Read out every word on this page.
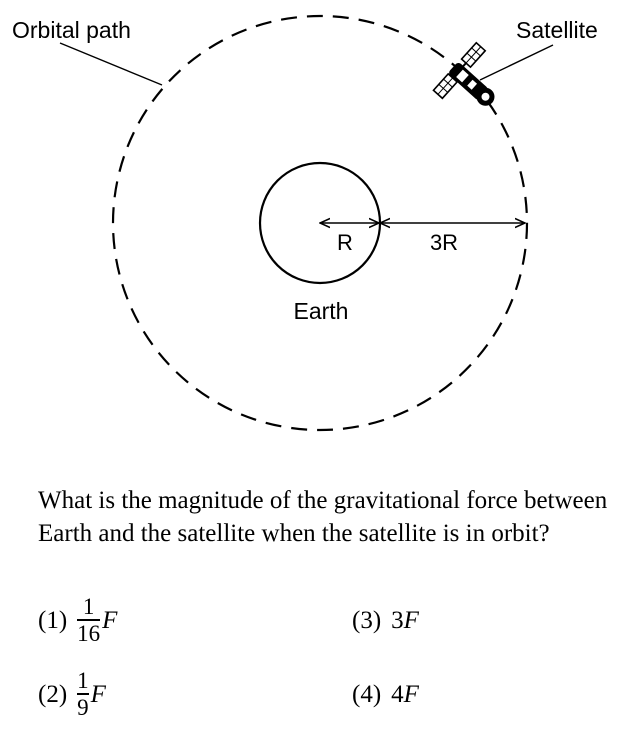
R	3R
Earth
Orbital path	Satellite

What is the magnitude of the gravitational force between Earth and the satellite when the satellite is in orbit?

$(1) \frac{1}{16}$ F
$(2) \frac{1}{9}$ F
(3) 3 F
(4) 4 F
